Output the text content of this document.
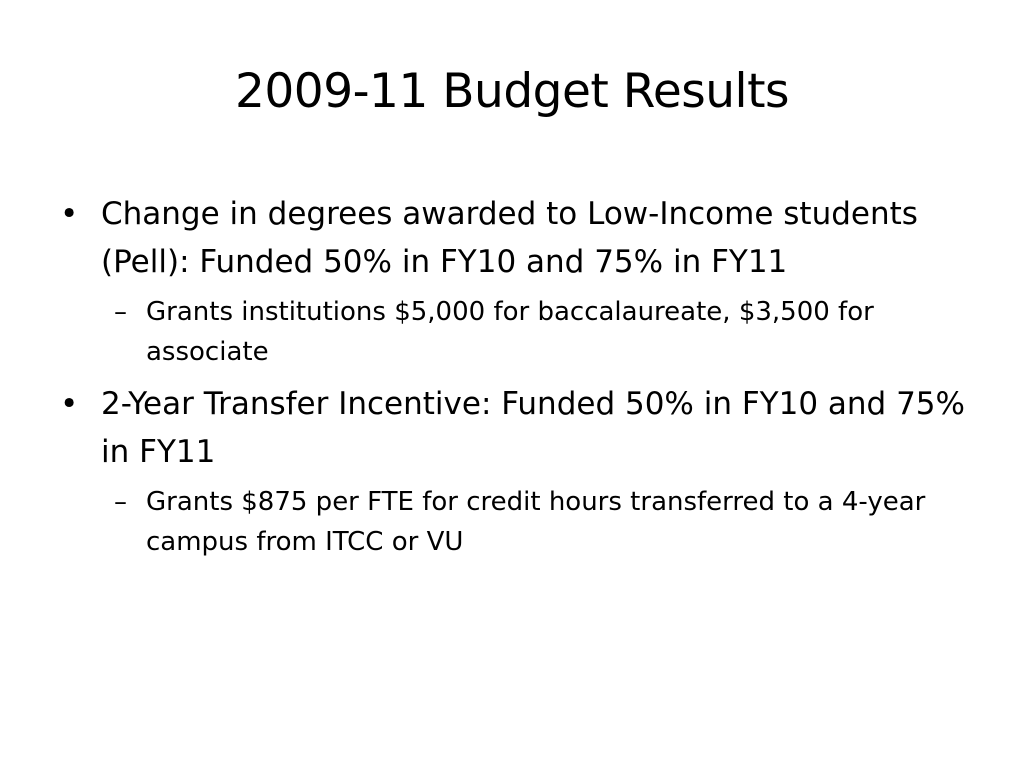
2009-11 Budget Results
• Change in degrees awarded to Low-Income students (Pell): Funded 50% in FY10 and 75% in FY11
– Grants institutions $5,000 for baccalaureate, $3,500 for associate
• 2-Year Transfer Incentive: Funded 50% in FY10 and 75% in FY11
– Grants $875 per FTE for credit hours transferred to a 4-year campus from ITCC or VU
